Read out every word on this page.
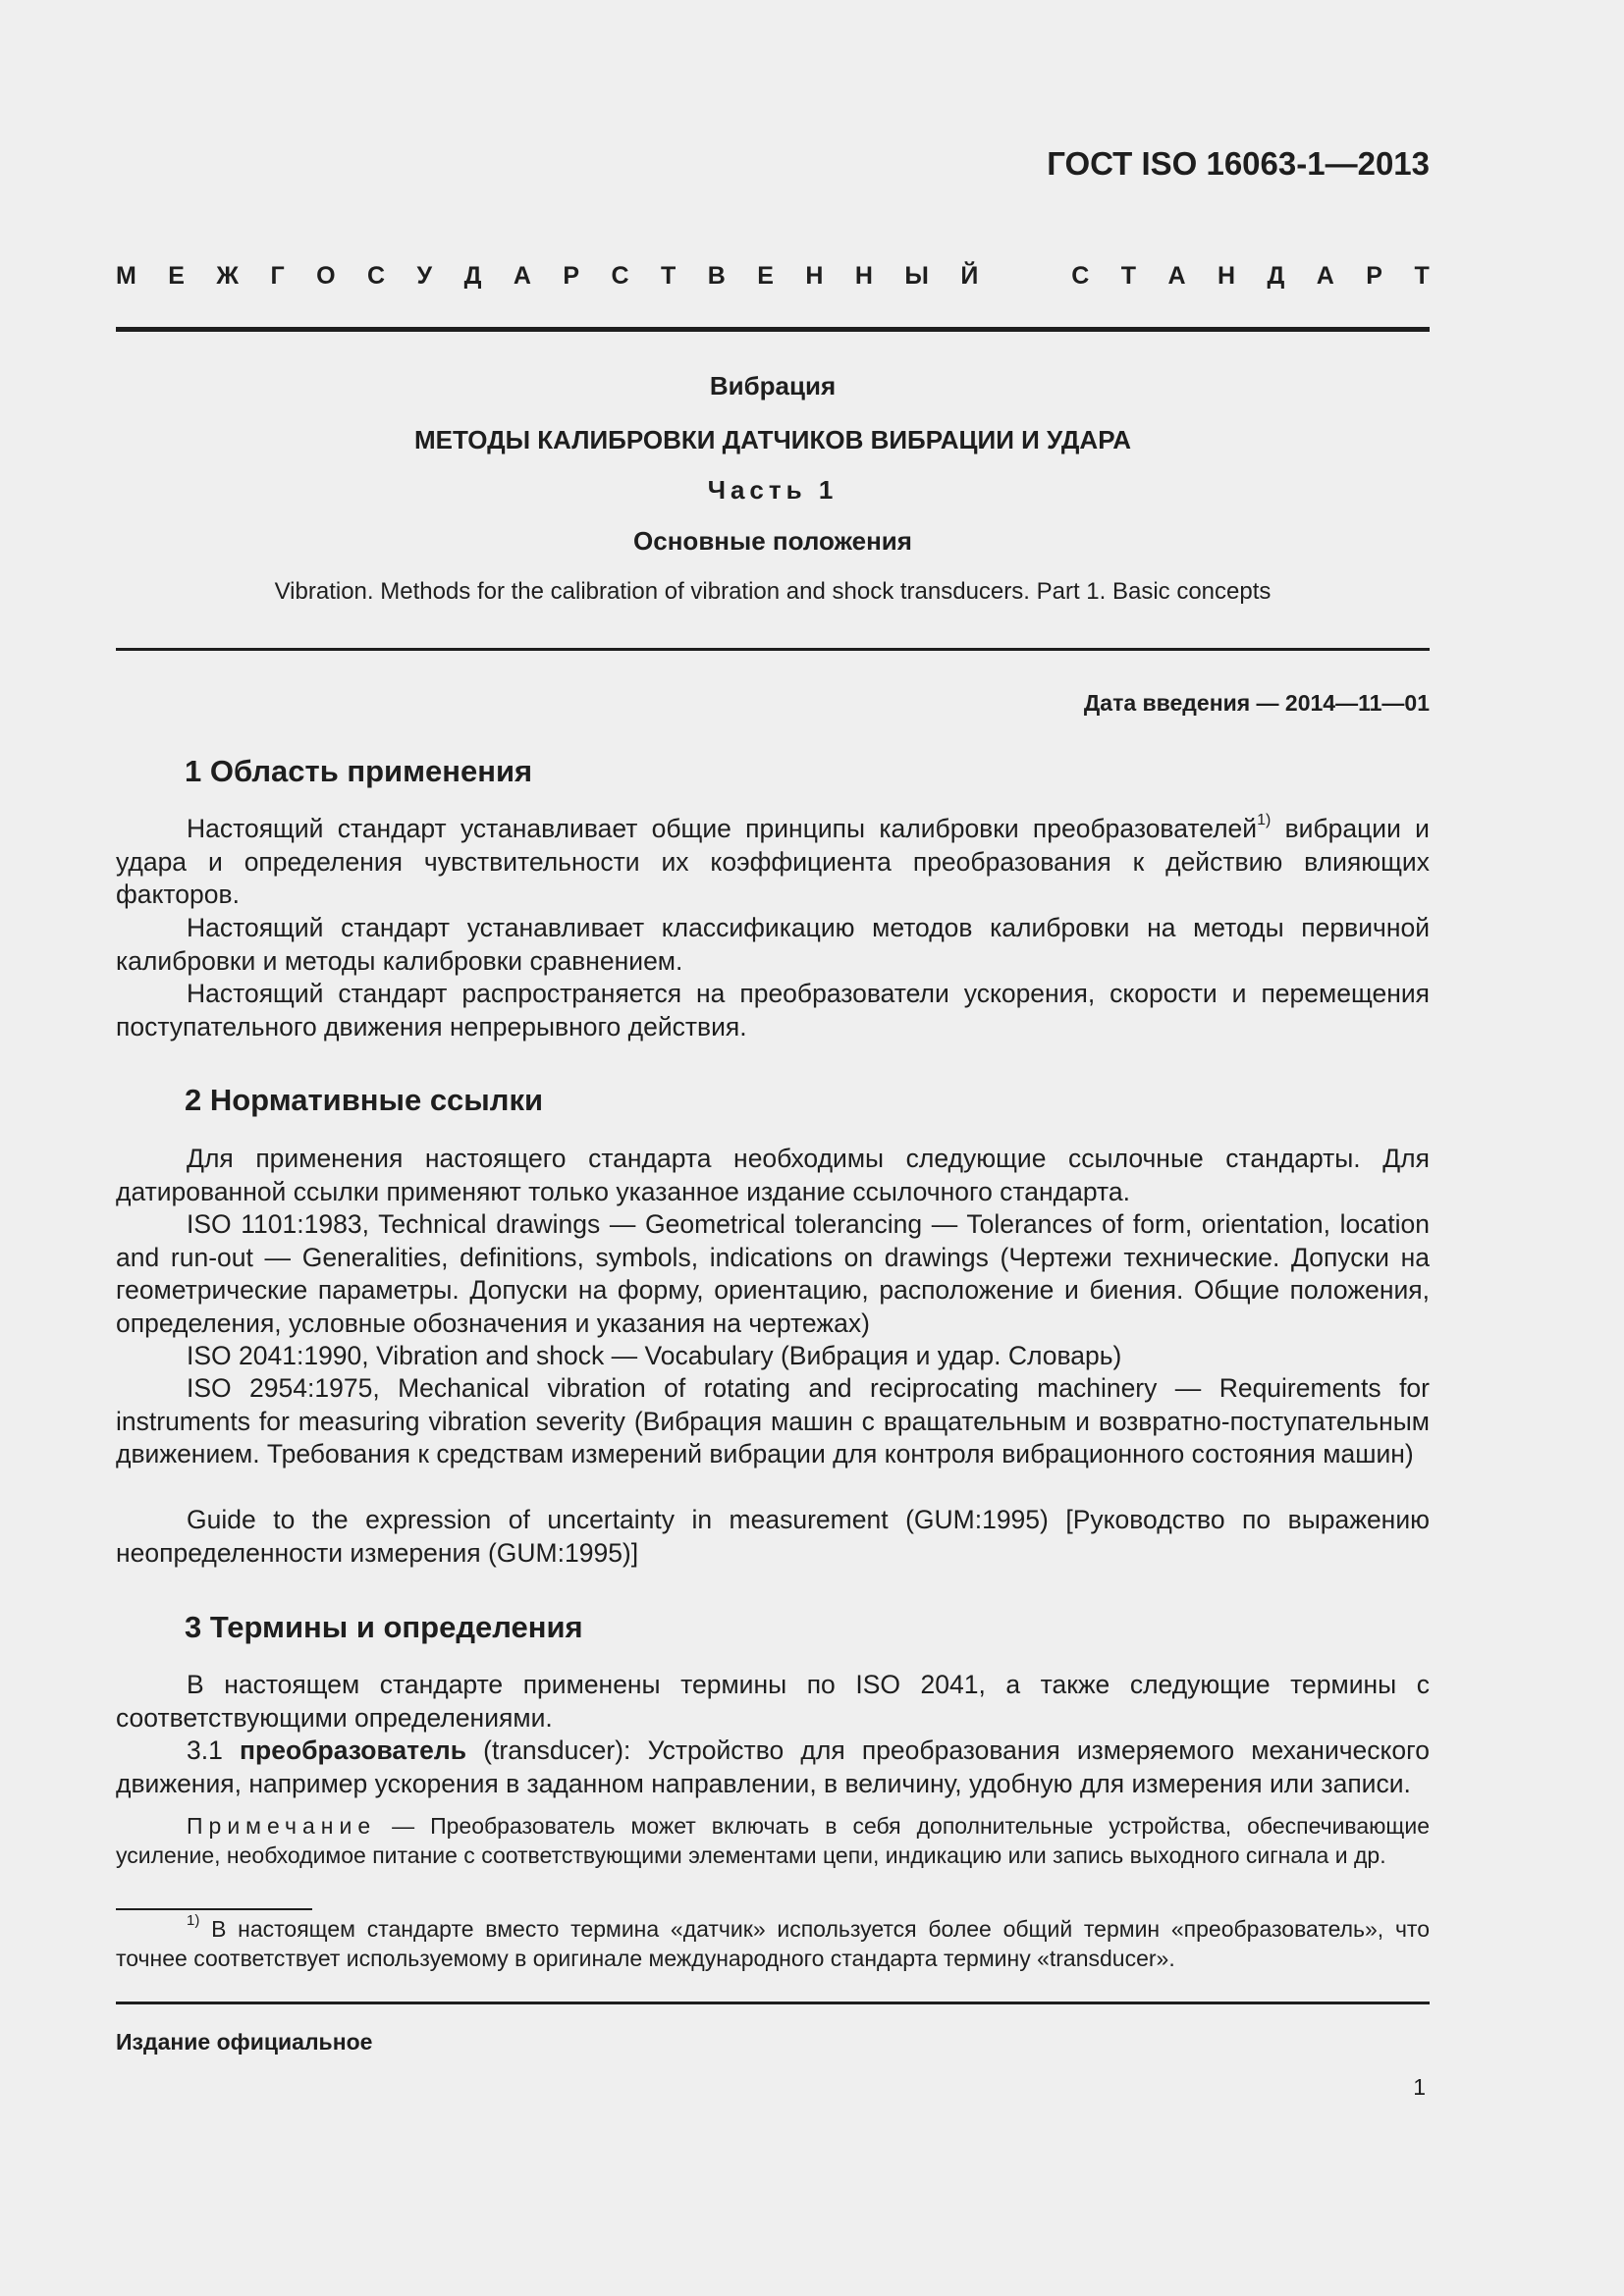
ГОСТ ISO 16063-1—2013
М Е Ж Г О С У Д А Р С Т В Е Н Н Ы Й	С Т А Н Д А Р Т
Вибрация
МЕТОДЫ КАЛИБРОВКИ ДАТЧИКОВ ВИБРАЦИИ И УДАРА
Часть 1
Основные положения
Vibration. Methods for the calibration of vibration and shock transducers. Part 1. Basic concepts
Дата введения — 2014—11—01
1 Область применения

Настоящий стандарт устанавливает общие принципы калибровки преобразователей$^{1)}$ вибрации и удара и определения чувствительности их коэффициента преобразования к действию влияющих факторов.

Настоящий стандарт устанавливает классификацию методов калибровки на методы первичной калибровки и методы калибровки сравнением.

Настоящий стандарт распространяется на преобразователи ускорения, скорости и перемещения поступательного движения непрерывного действия.

2 Нормативные ссылки

Для применения настоящего стандарта необходимы следующие ссылочные стандарты. Для датированной ссылки применяют только указанное издание ссылочного стандарта.

ISO 1101:1983, Technical drawings — Geometrical tolerancing — Tolerances of form, orientation, location and run-out — Generalities, definitions, symbols, indications on drawings (Чертежи технические. Допуски на геометрические параметры. Допуски на форму, ориентацию, расположение и биения. Общие положения, определения, условные обозначения и указания на чертежах)

ISO 2041:1990, Vibration and shock — Vocabulary (Вибрация и удар. Словарь)

ISO 2954:1975, Mechanical vibration of rotating and reciprocating machinery — Requirements for instruments for measuring vibration severity (Вибрация машин с вращательным и возвратно-поступательным движением. Требования к средствам измерений вибрации для контроля вибрационного состояния машин)

Guide to the expression of uncertainty in measurement (GUM:1995) [Руководство по выражению неопределенности измерения (GUM:1995)]

3 Термины и определения

В настоящем стандарте применены термины по ISO 2041, а также следующие термины с соответствующими определениями.

3.1 преобразователь (transducer): Устройство для преобразования измеряемого механического движения, например ускорения в заданном направлении, в величину, удобную для измерения или записи.

Примечание — Преобразователь может включать в себя дополнительные устройства, обеспечивающие усиление, необходимое питание с соответствующими элементами цепи, индикацию или запись выходного сигнала и др.

$^{1)}$ В настоящем стандарте вместо термина «датчик» используется более общий термин «преобразователь», что точнее соответствует используемому в оригинале международного стандарта термину «transducer».

Издание официальное
1
